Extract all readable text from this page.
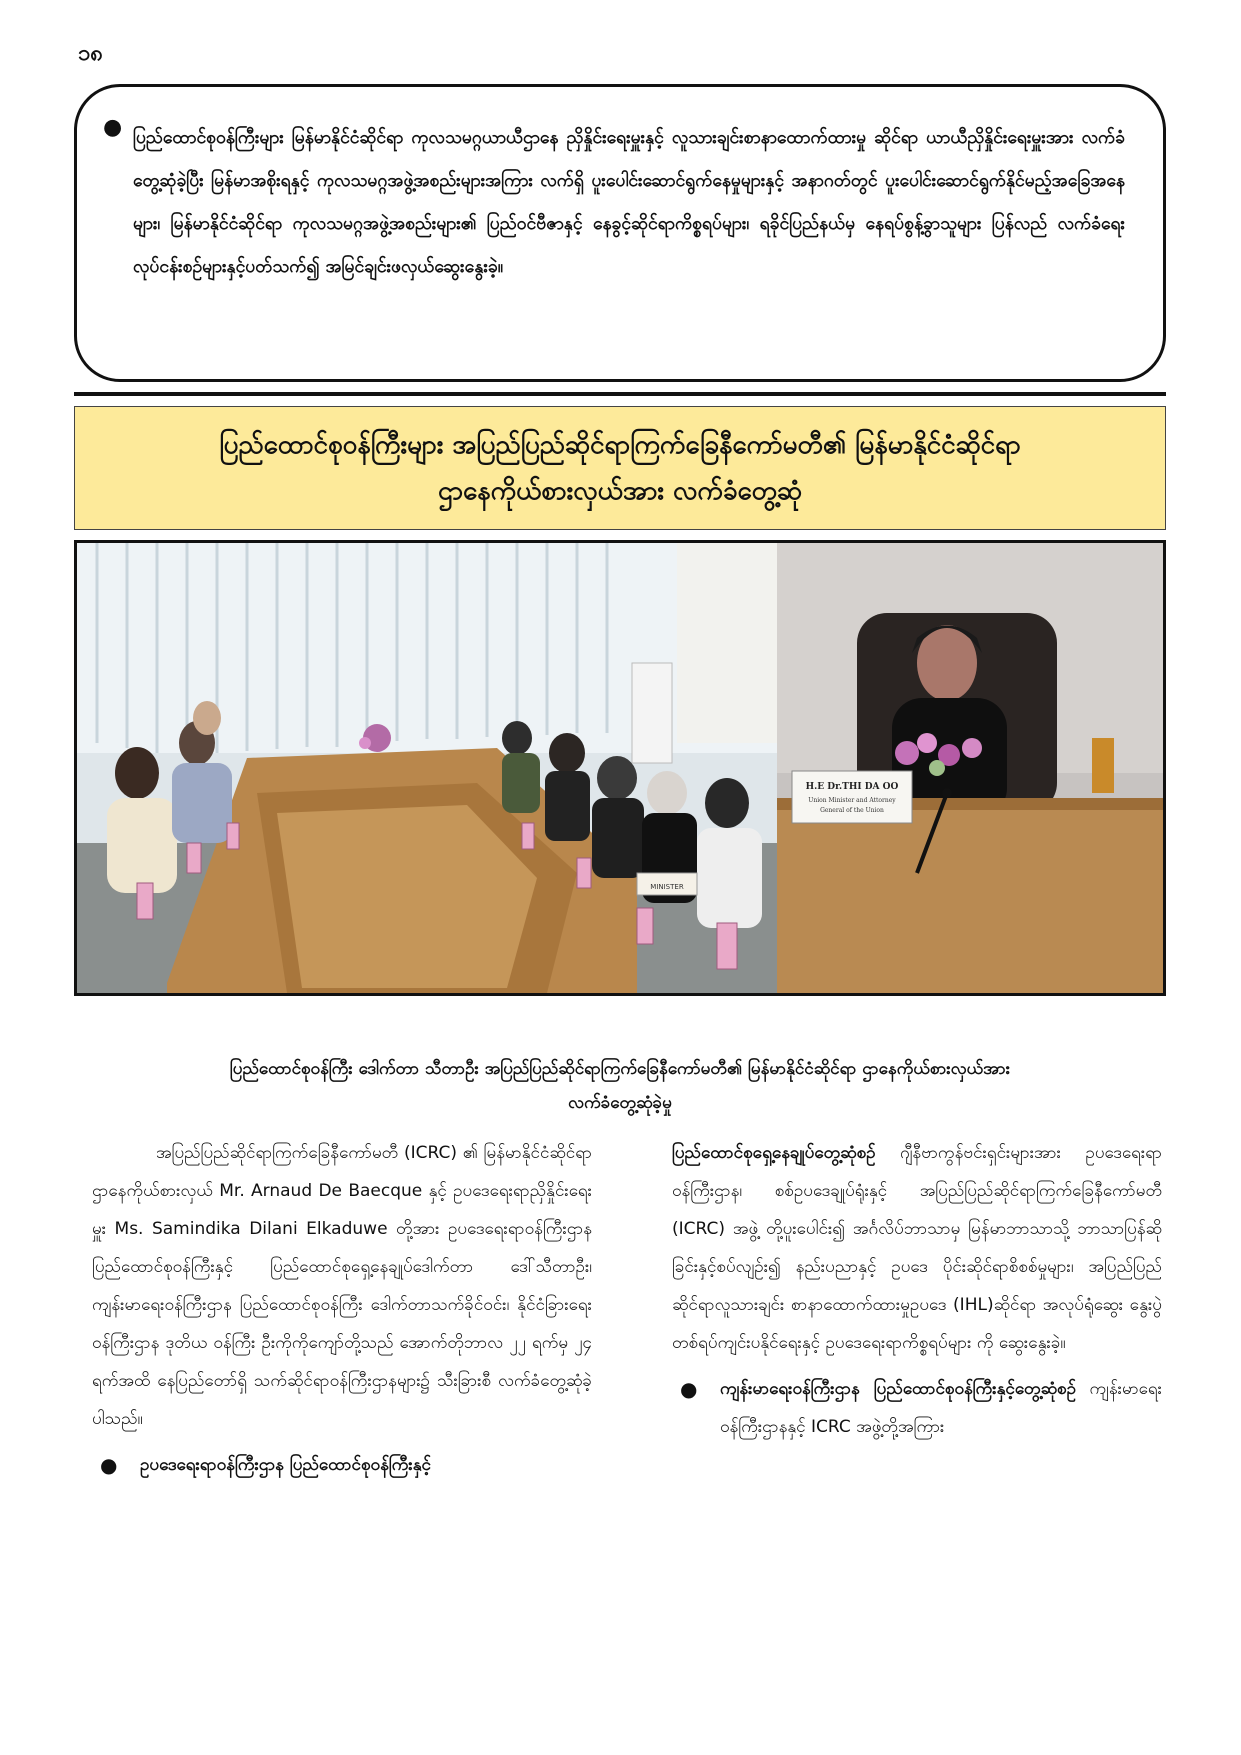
၁၈
● ပြည်ထောင်စုဝန်ကြီးများ မြန်မာနိုင်ငံဆိုင်ရာ ကုလသမဂ္ဂယာယီဌာနေ ညှိနှိုင်းရေးမှူးနှင့် လူသားချင်းစာနာထောက်ထားမှု ဆိုင်ရာ ယာယီညှိနှိုင်းရေးမှူးအား လက်ခံတွေ့ဆုံခဲ့ပြီး မြန်မာအစိုးရနှင့် ကုလသမဂ္ဂအဖွဲ့အစည်းများအကြား လက်ရှိ ပူးပေါင်းဆောင်ရွက်နေမှုများနှင့် အနာဂတ်တွင် ပူးပေါင်းဆောင်ရွက်နိုင်မည့်အခြေအနေများ၊ မြန်မာနိုင်ငံဆိုင်ရာ ကုလသမဂ္ဂအဖွဲ့အစည်းများ၏ ပြည်ဝင်ဗီဇာနှင့် နေခွင့်ဆိုင်ရာကိစ္စရပ်များ၊ ရခိုင်ပြည်နယ်မှ နေရပ်စွန့်ခွာသူများ ပြန်လည် လက်ခံရေးလုပ်ငန်းစဉ်များနှင့်ပတ်သက်၍ အမြင်ချင်းဖလှယ်ဆွေးနွေးခဲ့။

ပြည်ထောင်စုဝန်ကြီးများ အပြည်ပြည်ဆိုင်ရာကြက်ခြေနီကော်မတီ၏ မြန်မာနိုင်ငံဆိုင်ရာ
ဌာနေကိုယ်စားလှယ်အား လက်ခံတွေ့ဆုံ
MINISTER
H.E Dr.THI DA OO
Union Minister and Attorney
General of the Union
ပြည်ထောင်စုဝန်ကြီး ဒေါက်တာ သီတာဦး အပြည်ပြည်ဆိုင်ရာကြက်ခြေနီကော်မတီ၏ မြန်မာနိုင်ငံဆိုင်ရာ ဌာနေကိုယ်စားလှယ်အား
လက်ခံတွေ့ဆုံခဲ့မှု

အပြည်ပြည်ဆိုင်ရာကြက်ခြေနီကော်မတီ (ICRC) ၏ မြန်မာနိုင်ငံဆိုင်ရာ ဌာနေကိုယ်စားလှယ် Mr. Arnaud De Baecque နှင့် ဥပဒေရေးရာညှိနှိုင်းရေးမှူး Ms. Samindika Dilani Elkaduwe တို့အား ဥပဒေရေးရာဝန်ကြီးဌာန ပြည်ထောင်စုဝန်ကြီးနှင့် ပြည်ထောင်စုရှေ့နေချုပ်ဒေါက်တာ ဒေါ်သီတာဦး၊ ကျန်းမာရေးဝန်ကြီးဌာန ပြည်ထောင်စုဝန်ကြီး ဒေါက်တာသက်ခိုင်ဝင်း၊ နိုင်ငံခြားရေးဝန်ကြီးဌာန ဒုတိယ ဝန်ကြီး ဦးကိုကိုကျော်တို့သည် အောက်တိုဘာလ ၂၂ ရက်မှ ၂၄ ရက်အထိ နေပြည်တော်ရှိ သက်ဆိုင်ရာဝန်ကြီးဌာနများ၌ သီးခြားစီ လက်ခံတွေ့ဆုံခဲ့ပါသည်။

● ဥပဒေရေးရာဝန်ကြီးဌာန ပြည်ထောင်စုဝန်ကြီးနှင့်

ပြည်ထောင်စုရှေ့နေချုပ်တွေ့ဆုံစဉ် ဂျီနီဗာကွန်ဗင်းရှင်းများအား ဥပဒေရေးရာဝန်ကြီးဌာန၊ စစ်ဥပဒေချုပ်ရုံးနှင့် အပြည်ပြည်ဆိုင်ရာကြက်ခြေနီကော်မတီ (ICRC) အဖွဲ့ တို့ပူးပေါင်း၍ အင်္ဂလိပ်ဘာသာမှ မြန်မာဘာသာသို့ ဘာသာပြန်ဆိုခြင်းနှင့်စပ်လျဉ်း၍ နည်းပညာနှင့် ဥပဒေ ပိုင်းဆိုင်ရာစိစစ်မှုများ၊ အပြည်ပြည်ဆိုင်ရာလူသားချင်း စာနာထောက်ထားမှုဥပဒေ (IHL)ဆိုင်ရာ အလုပ်ရုံဆွေး နွေးပွဲတစ်ရပ်ကျင်းပနိုင်ရေးနှင့် ဥပဒေရေးရာကိစ္စရပ်များ ကို ဆွေးနွေးခဲ့။

● ကျန်းမာရေးဝန်ကြီးဌာန ပြည်ထောင်စုဝန်ကြီးနှင့်တွေ့ဆုံစဉ် ကျန်းမာရေးဝန်ကြီးဌာနနှင့် ICRC အဖွဲ့တို့အကြား
